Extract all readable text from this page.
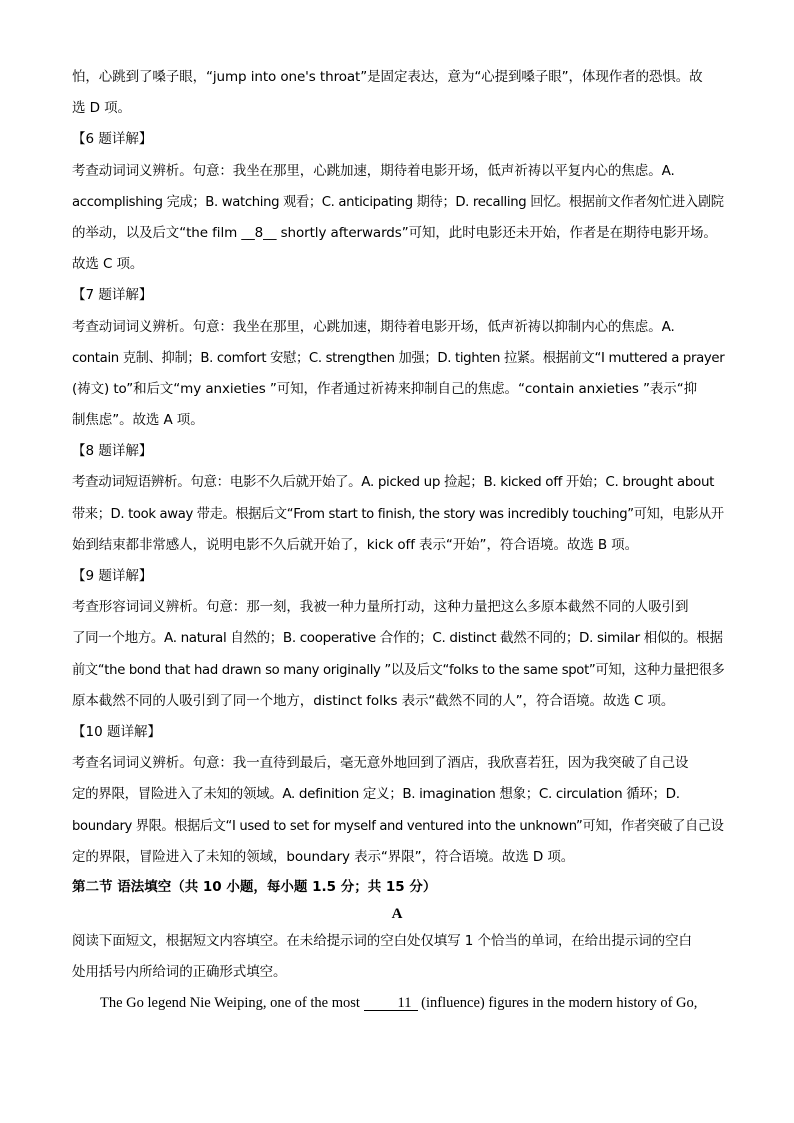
怕，心跳到了嗓子眼，“jump into one's throat”是固定表达，意为“心提到嗓子眼”，体现作者的恐惧。故
选 D 项。
【6 题详解】
考查动词词义辨析。句意：我坐在那里，心跳加速，期待着电影开场，低声祈祷以平复内心的焦虑。A.
accomplishing 完成；B. watching 观看；C. anticipating 期待；D. recalling 回忆。根据前文作者匆忙进入剧院
的举动，以及后文“the film __8__ shortly afterwards”可知，此时电影还未开始，作者是在期待电影开场。
故选 C 项。
【7 题详解】
考查动词词义辨析。句意：我坐在那里，心跳加速，期待着电影开场，低声祈祷以抑制内心的焦虑。A.
contain 克制、抑制；B. comfort 安慰；C. strengthen 加强；D. tighten 拉紧。根据前文“I muttered a prayer
(祷文) to”和后文“my anxieties ”可知，作者通过祈祷来抑制自己的焦虑。“contain anxieties ”表示“抑
制焦虑”。故选 A 项。
【8 题详解】
考查动词短语辨析。句意：电影不久后就开始了。A. picked up 捡起；B. kicked off 开始；C. brought about
带来；D. took away 带走。根据后文“From start to finish, the story was incredibly touching”可知，电影从开
始到结束都非常感人，说明电影不久后就开始了，kick off 表示“开始”，符合语境。故选 B 项。
【9 题详解】
考查形容词词义辨析。句意：那一刻，我被一种力量所打动，这种力量把这么多原本截然不同的人吸引到
了同一个地方。A. natural 自然的；B. cooperative 合作的；C. distinct 截然不同的；D. similar 相似的。根据
前文“the bond that had drawn so many originally ”以及后文“folks to the same spot”可知，这种力量把很多
原本截然不同的人吸引到了同一个地方，distinct folks 表示“截然不同的人”，符合语境。故选 C 项。
【10 题详解】
考查名词词义辨析。句意：我一直待到最后，毫无意外地回到了酒店，我欣喜若狂，因为我突破了自己设
定的界限，冒险进入了未知的领域。A. definition 定义；B. imagination 想象；C. circulation 循环；D.
boundary 界限。根据后文“I used to set for myself and ventured into the unknown”可知，作者突破了自己设
定的界限，冒险进入了未知的领域，boundary 表示“界限”，符合语境。故选 D 项。
第二节 语法填空（共 10 小题，每小题 1.5 分；共 15 分）
A
阅读下面短文，根据短文内容填空。在未给提示词的空白处仅填写 1 个恰当的单词，在给出提示词的空白
处用括号内所给词的正确形式填空。
The Go legend Nie Weiping, one of the most 11 (influence) figures in the modern history of Go,
